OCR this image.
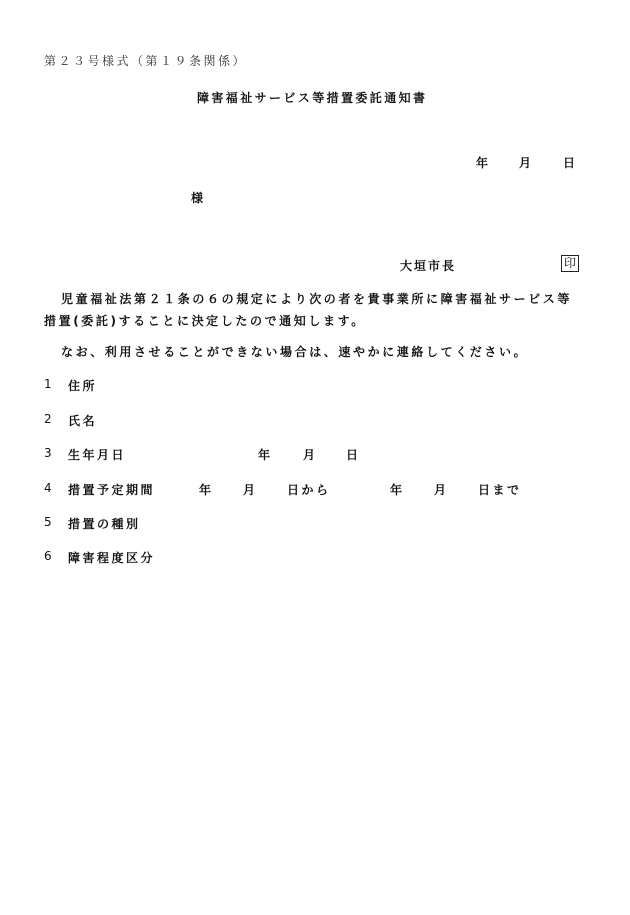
第２３号様式（第１９条関係）
障害福祉サービス等措置委託通知書
年	月	日
様
大垣市長	印
児童福祉法第２１条の６の規定により次の者を貴事業所に障害福祉サービス等措置(委託)することに決定したので通知します。
なお、利用させることができない場合は、速やかに連絡してください。
1 住所
2 氏名
3 生年月日	年	月 日
4 措置予定期間	年 月 日から	年 月 日まで
5 措置の種別
6 障害程度区分
